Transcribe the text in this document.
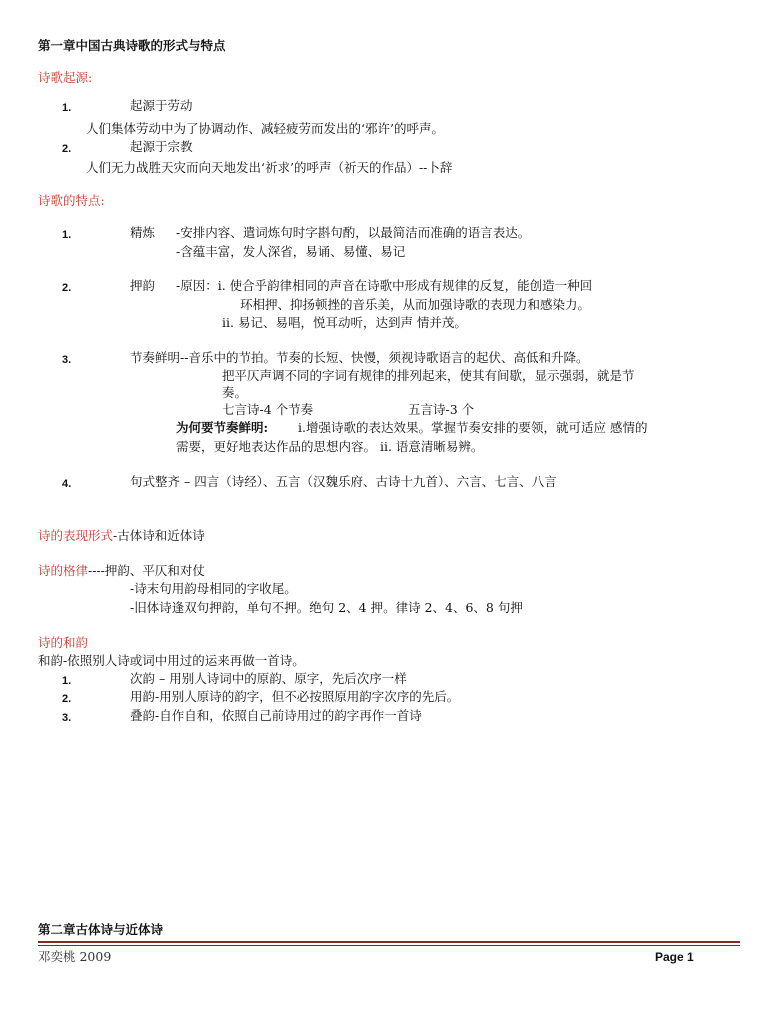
第一章中国古典诗歌的形式与特点
诗歌起源:
1.	起源于劳动
人们集体劳动中为了协调动作、减轻疲劳而发出的‘邪许’的呼声。
2.	起源于宗教
人们无力战胜天灾而向天地发出‘祈求’的呼声（祈天的作品）--卜辞
诗歌的特点:
1.	精炼 -安排内容、遣词炼句时字斟句酌，以最简洁而准确的语言表达。
-含蕴丰富，发人深省，易诵、易懂、易记
2.	押韵 -原因：i. 使合乎韵律相同的声音在诗歌中形成有规律的反复，能创造一种回
环相押、抑扬顿挫的音乐美，从而加强诗歌的表现力和感染力。
ii. 易记、易唱，悦耳动听，达到声 情并茂。
3.	节奏鲜明--音乐中的节拍。节奏的长短、快慢，须视诗歌语言的起伏、高低和升降。
把平仄声调不同的字词有规律的排列起来，使其有间歇，显示强弱，就是节
奏。
七言诗-4 个节奏	五言诗-3 个
为何要节奏鲜明: i.增强诗歌的表达效果。掌握节奏安排的要领，就可适应 感情的
需要，更好地表达作品的思想内容。 ii. 语意清晰易辨。
4.	句式整齐 – 四言（诗经）、五言（汉魏乐府、古诗十九首）、六言、七言、八言
诗的表现形式-古体诗和近体诗
诗的格律----押韵、平仄和对仗
-诗末句用韵母相同的字收尾。
-旧体诗逢双句押韵，单句不押。绝句 2、4 押。律诗 2、4、6、8 句押
诗的和韵
和韵-依照别人诗或词中用过的运来再做一首诗。
1.	次韵 – 用别人诗词中的原韵、原字，先后次序一样
2.	用韵-用别人原诗的韵字，但不必按照原用韵字次序的先后。
3.	叠韵-自作自和，依照自己前诗用过的韵字再作一首诗
第二章古体诗与近体诗
邓奕桃 2009	Page 1
